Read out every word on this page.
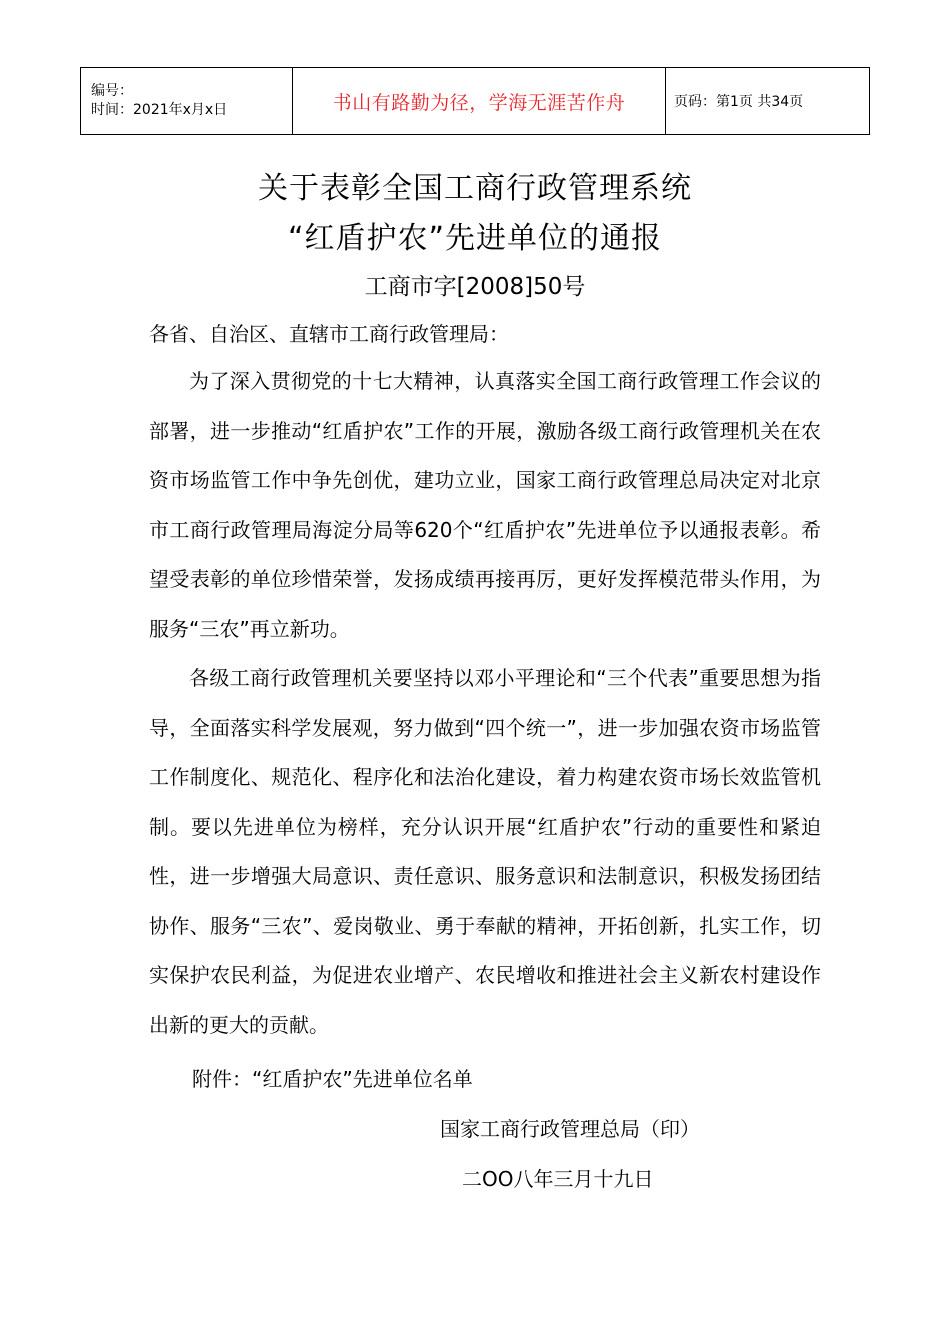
编号：
时间：2021年x月x日	书山有路勤为径，学海无涯苦作舟	页码：第1页 共34页
关于表彰全国工商行政管理系统
“红盾护农”先进单位的通报
工商市字[2008]50号
各省、自治区、直辖市工商行政管理局：

为了深入贯彻党的十七大精神，认真落实全国工商行政管理工作会议的部署，进一步推动“红盾护农”工作的开展，激励各级工商行政管理机关在农资市场监管工作中争先创优，建功立业，国家工商行政管理总局决定对北京市工商行政管理局海淀分局等620个“红盾护农”先进单位予以通报表彰。希望受表彰的单位珍惜荣誉，发扬成绩再接再厉，更好发挥模范带头作用，为服务“三农”再立新功。

各级工商行政管理机关要坚持以邓小平理论和“三个代表”重要思想为指导，全面落实科学发展观，努力做到“四个统一”，进一步加强农资市场监管工作制度化、规范化、程序化和法治化建设，着力构建农资市场长效监管机制。要以先进单位为榜样，充分认识开展“红盾护农”行动的重要性和紧迫性，进一步增强大局意识、责任意识、服务意识和法制意识，积极发扬团结协作、服务“三农”、爱岗敬业、勇于奉献的精神，开拓创新，扎实工作，切实保护农民利益，为促进农业增产、农民增收和推进社会主义新农村建设作出新的更大的贡献。

附件：“红盾护农”先进单位名单
国家工商行政管理总局（印）
二OO八年三月十九日
